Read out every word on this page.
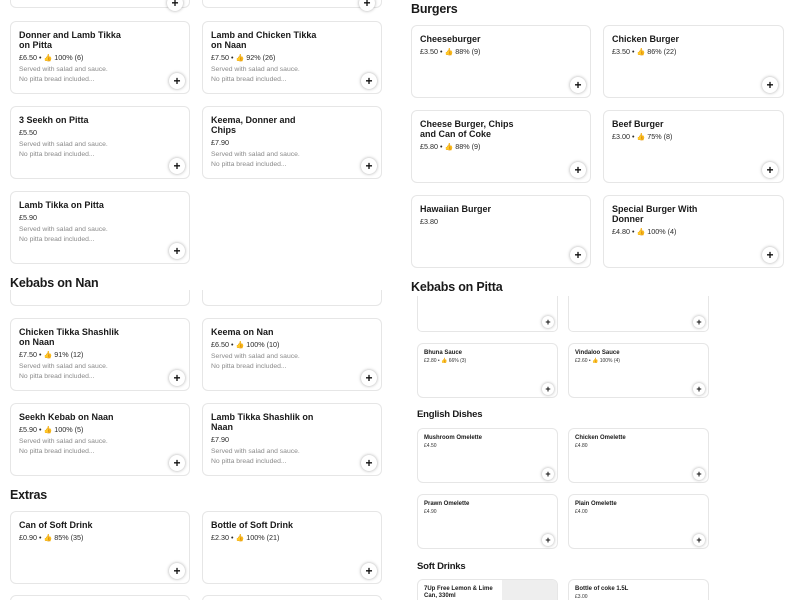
+	+
Donner and Lamb Tikka on Pitta
£6.50 • 👍 100% (6)
Served with salad and sauce.
No pitta bread included...	+
Lamb and Chicken Tikka on Naan
£7.50 • 👍 92% (26)
Served with salad and sauce.
No pitta bread included...	+
3 Seekh on Pitta
£5.50
Served with salad and sauce.
No pitta bread included...
+
Keema, Donner and Chips
£7.90
Served with salad and sauce.
No pitta bread included...	+
Lamb Tikka on Pitta
£5.90
Served with salad and sauce.
No pitta bread included...
+
Kebabs on Nan
Chicken Tikka Shashlik on Naan
£7.50 • 👍 91% (12)
Served with salad and sauce.
No pitta bread included...	+
Keema on Nan
£6.50 • 👍 100% (10)
Served with salad and sauce.
No pitta bread included...
+
Seekh Kebab on Naan
£5.90 • 👍 100% (5)
Served with salad and sauce.
No pitta bread included...
+
Lamb Tikka Shashlik on Naan
£7.90
Served with salad and sauce.
No pitta bread included...	+
Extras
Can of Soft Drink
£0.90 • 👍 85% (35)
+
Bottle of Soft Drink
£2.30 • 👍 100% (21)
+
Burgers
Cheeseburger
£3.50 • 👍 88% (9)
+
Chicken Burger
£3.50 • 👍 86% (22)
+
Cheese Burger, Chips and Can of Coke
£5.80 • 👍 88% (9)
+
Beef Burger
£3.00 • 👍 75% (8)
+
Hawaiian Burger
£3.80
+
Special Burger With Donner
£4.80 • 👍 100% (4)
+
Kebabs on Pitta
+	+
Bhuna Sauce
£2.80 • 👍 66% (3)
+
Vindaloo Sauce
£2.60 • 👍 100% (4)
+
English Dishes
Mushroom Omelette
£4.50
+
Chicken Omelette
£4.80
+
Prawn Omelette
£4.90
+
Plain Omelette
£4.00
+
Soft Drinks
7Up Free Lemon & Lime Can, 330ml
Bottle of coke 1.5L
£3.00
